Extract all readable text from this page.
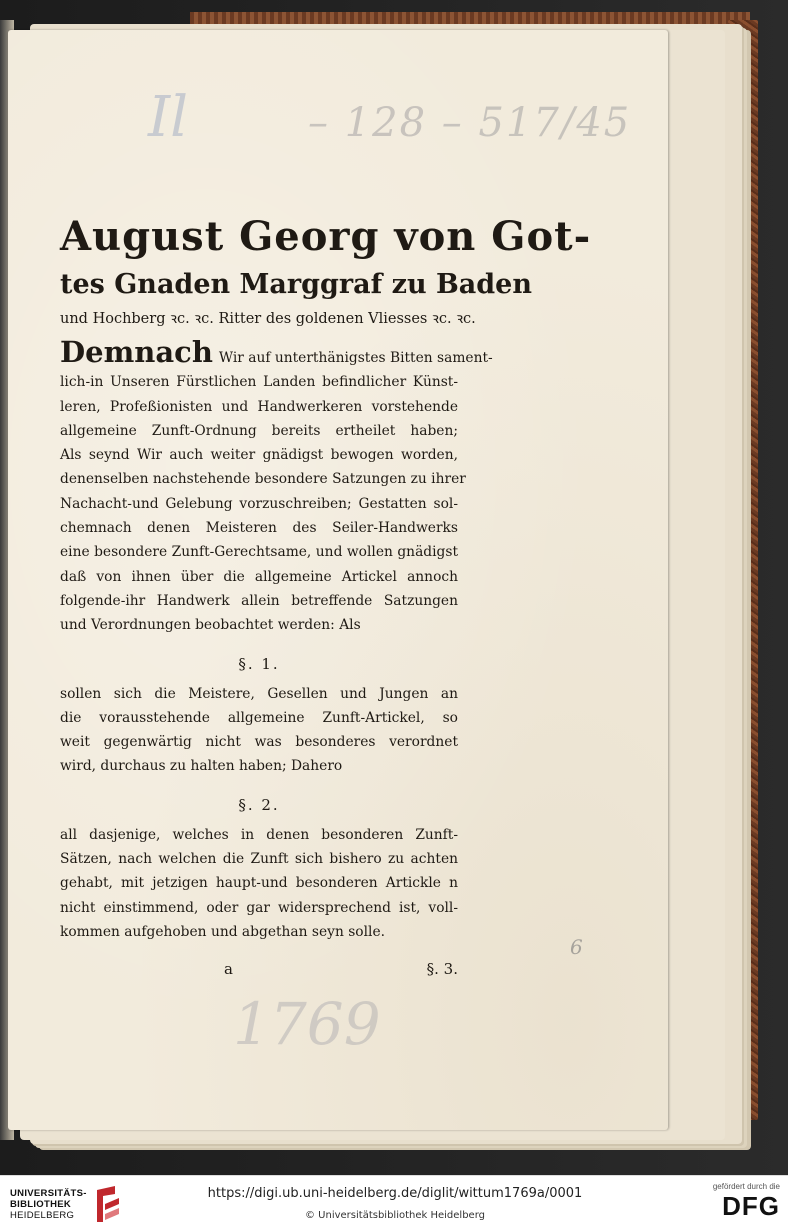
Il	– 128 – 517/45
6
1769
August Georg von Got-
tes Gnaden Marggraf zu Baden
und Hochberg ꝛc. ꝛc. Ritter des goldenen Vliesses ꝛc. ꝛc.
Demnach Wir auf unterthänigstes Bitten sament-
lich-in Unseren Fürstlichen Landen befindlicher Künst-
leren, Profeßionisten und Handwerkeren vorstehende
allgemeine Zunft-Ordnung bereits ertheilet haben;
Als seynd Wir auch weiter gnädigst bewogen worden,
denenselben nachstehende besondere Satzungen zu ihrer
Nachacht-und Gelebung vorzuschreiben; Gestatten sol-
chemnach denen Meisteren des Seiler-Handwerks
eine besondere Zunft-Gerechtsame, und wollen gnädigst
daß von ihnen über die allgemeine Artickel annoch
folgende-ihr Handwerk allein betreffende Satzungen
und Verordnungen beobachtet werden: Als
§. 1.
sollen sich die Meistere, Gesellen und Jungen an
die vorausstehende allgemeine Zunft-Artickel, so
weit gegenwärtig nicht was besonderes verordnet
wird, durchaus zu halten haben; Dahero
§. 2.
all dasjenige, welches in denen besonderen Zunft-
Sätzen, nach welchen die Zunft sich bishero zu achten
gehabt, mit jetzigen haupt-und besonderen Artickle n
nicht einstimmend, oder gar widersprechend ist, voll-
kommen aufgehoben und abgethan seyn solle.
a	§. 3.
UNIVERSITÄTS-
BIBLIOTHEK
HEIDELBERG
https://digi.ub.uni-heidelberg.de/diglit/wittum1769a/0001
© Universitätsbibliothek Heidelberg
gefördert durch die
DFG
